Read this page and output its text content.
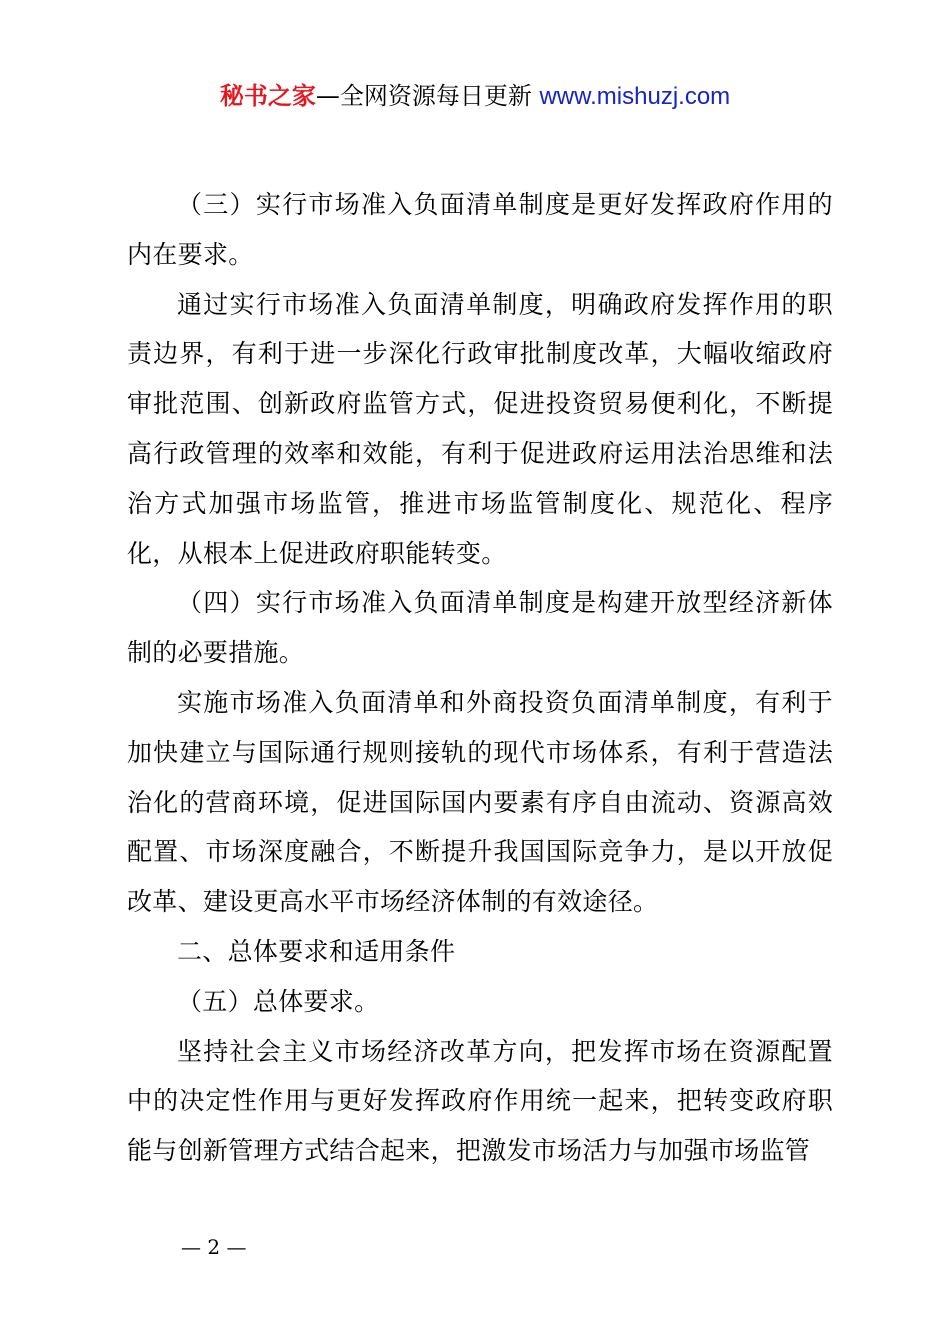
秘书之家—全网资源每日更新 www.mishuzj.com

（三）实行市场准入负面清单制度是更好发挥政府作用的内在要求。

通过实行市场准入负面清单制度，明确政府发挥作用的职责边界，有利于进一步深化行政审批制度改革，大幅收缩政府审批范围、创新政府监管方式，促进投资贸易便利化，不断提高行政管理的效率和效能，有利于促进政府运用法治思维和法治方式加强市场监管，推进市场监管制度化、规范化、程序化，从根本上促进政府职能转变。

（四）实行市场准入负面清单制度是构建开放型经济新体制的必要措施。

实施市场准入负面清单和外商投资负面清单制度，有利于加快建立与国际通行规则接轨的现代市场体系，有利于营造法治化的营商环境，促进国际国内要素有序自由流动、资源高效配置、市场深度融合，不断提升我国国际竞争力，是以开放促改革、建设更高水平市场经济体制的有效途径。

二、总体要求和适用条件

（五）总体要求。

坚持社会主义市场经济改革方向，把发挥市场在资源配置中的决定性作用与更好发挥政府作用统一起来，把转变政府职能与创新管理方式结合起来，把激发市场活力与加强市场监管

— 2 —
